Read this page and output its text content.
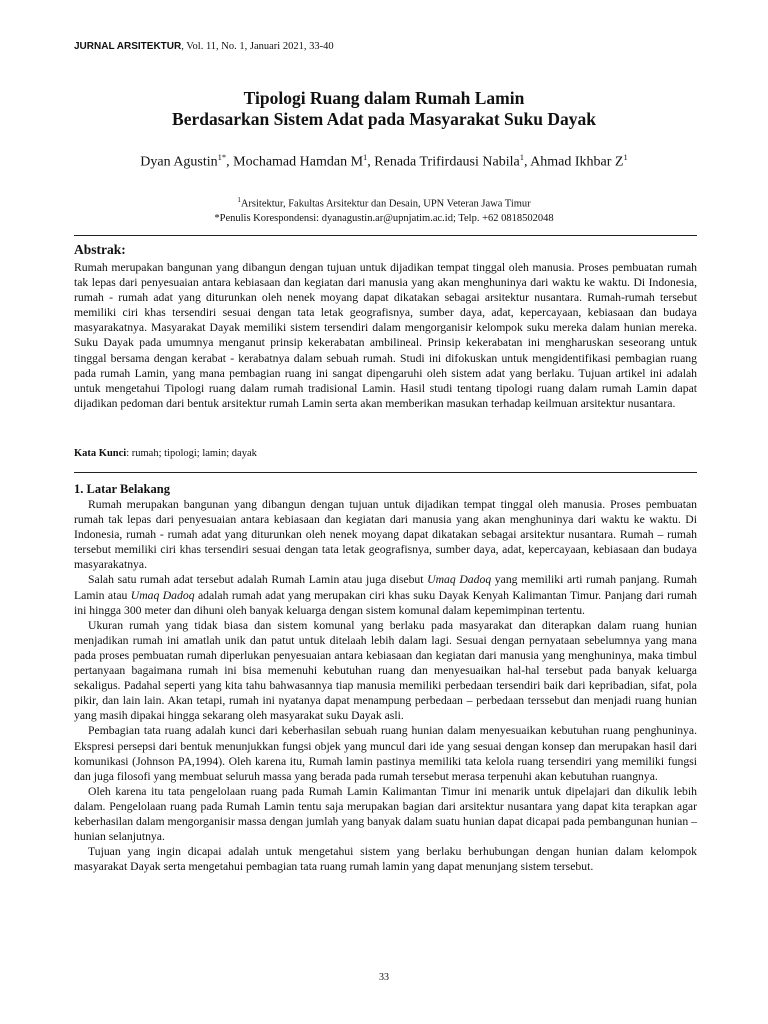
JURNAL ARSITEKTUR, Vol. 11, No. 1, Januari 2021, 33-40
Tipologi Ruang dalam Rumah Lamin
Berdasarkan Sistem Adat pada Masyarakat Suku Dayak
Dyan Agustin$^{1*}$, Mochamad Hamdan $M^1$, Renada Trifirdausi Nabila$^1$, Ahmad Ikhbar $Z^1$
$^1$Arsitektur, Fakultas Arsitektur dan Desain, UPN Veteran Jawa Timur
*Penulis Korespondensi: dyanagustin.ar@upnjatim.ac.id; Telp. +62 0818502048
Abstrak:
Rumah merupakan bangunan yang dibangun dengan tujuan untuk dijadikan tempat tinggal oleh manusia. Proses pembuatan rumah tak lepas dari penyesuaian antara kebiasaan dan kegiatan dari manusia yang akan menghuninya dari waktu ke waktu. Di Indonesia, rumah - rumah adat yang diturunkan oleh nenek moyang dapat dikatakan sebagai arsitektur nusantara. Rumah-rumah tersebut memiliki ciri khas tersendiri sesuai dengan tata letak geografisnya, sumber daya, adat, kepercayaan, kebiasaan dan budaya masyarakatnya. Masyarakat Dayak memiliki sistem tersendiri dalam mengorganisir kelompok suku mereka dalam hunian mereka. Suku Dayak pada umumnya menganut prinsip kekerabatan ambilineal. Prinsip kekerabatan ini mengharuskan seseorang untuk tinggal bersama dengan kerabat - kerabatnya dalam sebuah rumah. Studi ini difokuskan untuk mengidentifikasi pembagian ruang pada rumah Lamin, yang mana pembagian ruang ini sangat dipengaruhi oleh sistem adat yang berlaku. Tujuan artikel ini adalah untuk mengetahui Tipologi ruang dalam rumah tradisional Lamin. Hasil studi tentang tipologi ruang dalam rumah Lamin dapat dijadikan pedoman dari bentuk arsitektur rumah Lamin serta akan memberikan masukan terhadap keilmuan arsitektur nusantara.
Kata Kunci: rumah; tipologi; lamin; dayak
1. Latar Belakang

Rumah merupakan bangunan yang dibangun dengan tujuan untuk dijadikan tempat tinggal oleh manusia. Proses pembuatan rumah tak lepas dari penyesuaian antara kebiasaan dan kegiatan dari manusia yang akan menghuninya dari waktu ke waktu. Di Indonesia, rumah - rumah adat yang diturunkan oleh nenek moyang dapat dikatakan sebagai arsitektur nusantara. Rumah – rumah tersebut memiliki ciri khas tersendiri sesuai dengan tata letak geografisnya, sumber daya, adat, kepercayaan, kebiasaan dan budaya masyarakatnya.

Salah satu rumah adat tersebut adalah Rumah Lamin atau juga disebut Umaq Dadoq yang memiliki arti rumah panjang. Rumah Lamin atau Umaq Dadoq adalah rumah adat yang merupakan ciri khas suku Dayak Kenyah Kalimantan Timur. Panjang dari rumah ini hingga 300 meter dan dihuni oleh banyak keluarga dengan sistem komunal dalam kepemimpinan tertentu.

Ukuran rumah yang tidak biasa dan sistem komunal yang berlaku pada masyarakat dan diterapkan dalam ruang hunian menjadikan rumah ini amatlah unik dan patut untuk ditelaah lebih dalam lagi. Sesuai dengan pernyataan sebelumnya yang mana pada proses pembuatan rumah diperlukan penyesuaian antara kebiasaan dan kegiatan dari manusia yang menghuninya, maka timbul pertanyaan bagaimana rumah ini bisa memenuhi kebutuhan ruang dan menyesuaikan hal-hal tersebut pada banyak keluarga sekaligus. Padahal seperti yang kita tahu bahwasannya tiap manusia memiliki perbedaan tersendiri baik dari kepribadian, sifat, pola pikir, dan lain lain. Akan tetapi, rumah ini nyatanya dapat menampung perbedaan – perbedaan terssebut dan menjadi ruang hunian yang masih dipakai hingga sekarang oleh masyarakat suku Dayak asli.

Pembagian tata ruang adalah kunci dari keberhasilan sebuah ruang hunian dalam menyesuaikan kebutuhan ruang penghuninya. Ekspresi persepsi dari bentuk menunjukkan fungsi objek yang muncul dari ide yang sesuai dengan konsep dan merupakan hasil dari komunikasi (Johnson PA,1994). Oleh karena itu, Rumah lamin pastinya memiliki tata kelola ruang tersendiri yang memiliki fungsi dan juga filosofi yang membuat seluruh massa yang berada pada rumah tersebut merasa terpenuhi akan kebutuhan ruangnya.

Oleh karena itu tata pengelolaan ruang pada Rumah Lamin Kalimantan Timur ini menarik untuk dipelajari dan dikulik lebih dalam. Pengelolaan ruang pada Rumah Lamin tentu saja merupakan bagian dari arsitektur nusantara yang dapat kita terapkan agar keberhasilan dalam mengorganisir massa dengan jumlah yang banyak dalam suatu hunian dapat dicapai pada pembangunan hunian – hunian selanjutnya.

Tujuan yang ingin dicapai adalah untuk mengetahui sistem yang berlaku berhubungan dengan hunian dalam kelompok masyarakat Dayak serta mengetahui pembagian tata ruang rumah lamin yang dapat menunjang sistem tersebut.

33
